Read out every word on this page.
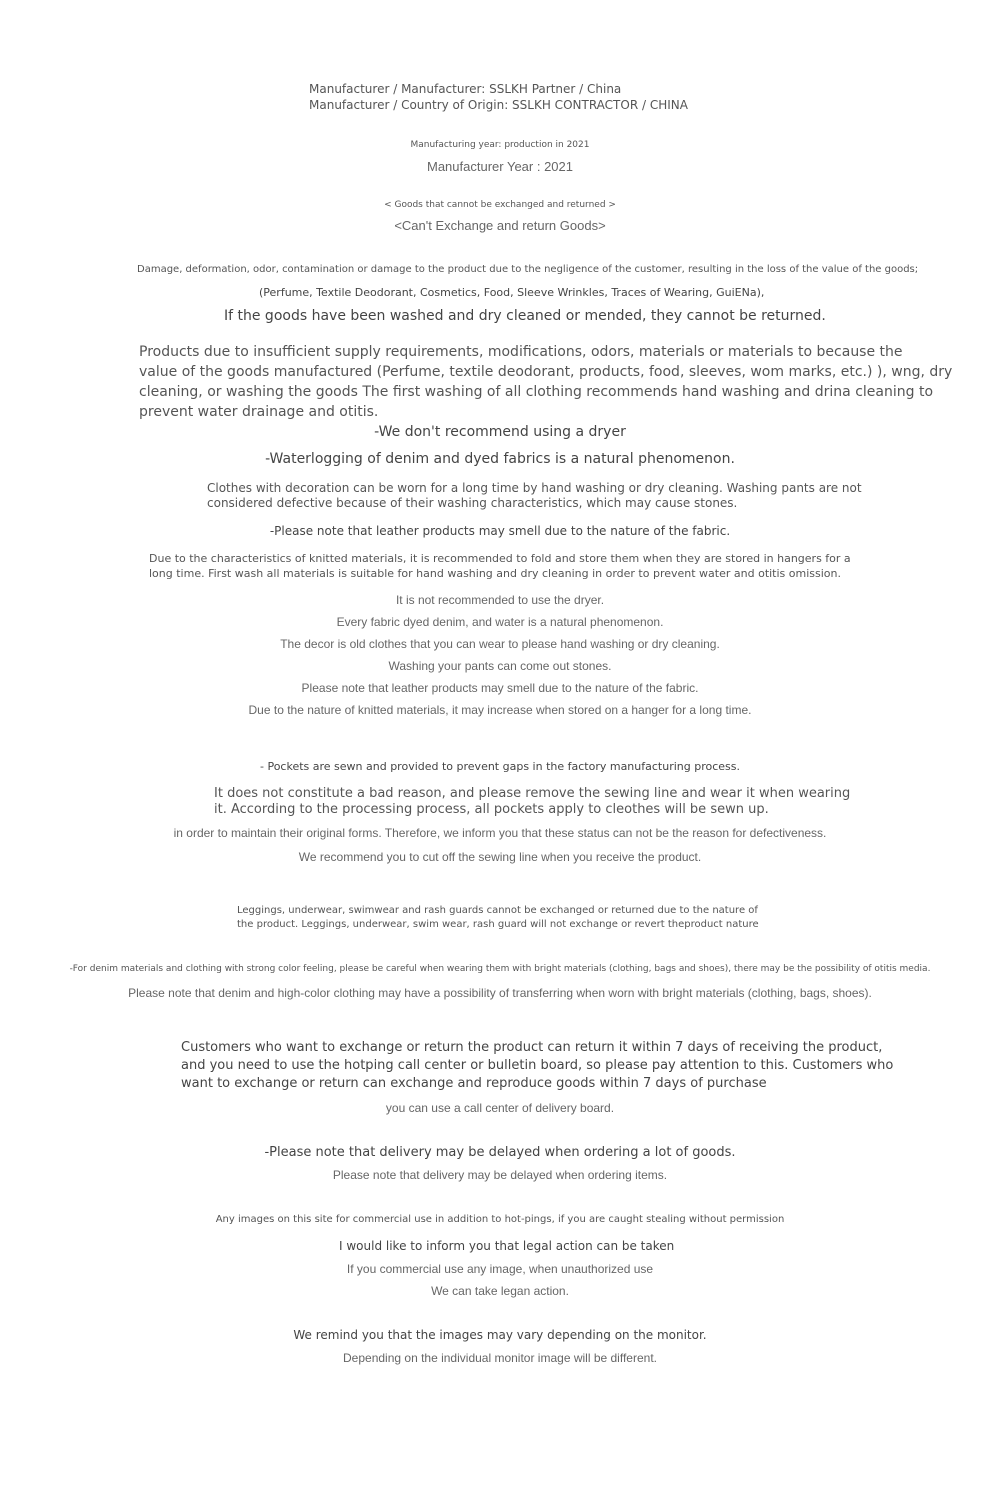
Manufacturer / Manufacturer: SSLKH Partner / China
Manufacturer / Country of Origin: SSLKH CONTRACTOR / CHINA
Manufacturing year: production in 2021
Manufacturer Year : 2021
< Goods that cannot be exchanged and returned >
<Can't Exchange and return Goods>
Damage, deformation, odor, contamination or damage to the product due to the negligence of the customer, resulting in the loss of the value of the goods;
(Perfume, Textile Deodorant, Cosmetics, Food, Sleeve Wrinkles, Traces of Wearing, GuiENa),
If the goods have been washed and dry cleaned or mended, they cannot be returned.
Products due to insufficient supply requirements, modifications, odors, materials or materials to because the
value of the goods manufactured (Perfume, textile deodorant, products, food, sleeves, wom marks, etc.) ), wng, dry
cleaning, or washing the goods The first washing of all clothing recommends hand washing and drina cleaning to
prevent water drainage and otitis.
-We don't recommend using a dryer
-Waterlogging of denim and dyed fabrics is a natural phenomenon.
Clothes with decoration can be worn for a long time by hand washing or dry cleaning. Washing pants are not
considered defective because of their washing characteristics, which may cause stones.
-Please note that leather products may smell due to the nature of the fabric.
Due to the characteristics of knitted materials, it is recommended to fold and store them when they are stored in hangers for a
long time. First wash all materials is suitable for hand washing and dry cleaning in order to prevent water and otitis omission.
It is not recommended to use the dryer.
Every fabric dyed denim, and water is a natural phenomenon.
The decor is old clothes that you can wear to please hand washing or dry cleaning.
Washing your pants can come out stones.
Please note that leather products may smell due to the nature of the fabric.
Due to the nature of knitted materials, it may increase when stored on a hanger for a long time.
- Pockets are sewn and provided to prevent gaps in the factory manufacturing process.
It does not constitute a bad reason, and please remove the sewing line and wear it when wearing
it. According to the processing process, all pockets apply to cleothes will be sewn up.
in order to maintain their original forms. Therefore, we inform you that these status can not be the reason for defectiveness.
We recommend you to cut off the sewing line when you receive the product.
Leggings, underwear, swimwear and rash guards cannot be exchanged or returned due to the nature of
the product. Leggings, underwear, swim wear, rash guard will not exchange or revert theproduct nature
-For denim materials and clothing with strong color feeling, please be careful when wearing them with bright materials (clothing, bags and shoes), there may be the possibility of otitis media.
Please note that denim and high-color clothing may have a possibility of transferring when worn with bright materials (clothing, bags, shoes).
Customers who want to exchange or return the product can return it within 7 days of receiving the product,
and you need to use the hotping call center or bulletin board, so please pay attention to this. Customers who
want to exchange or return can exchange and reproduce goods within 7 days of purchase
you can use a call center of delivery board.
-Please note that delivery may be delayed when ordering a lot of goods.
Please note that delivery may be delayed when ordering items.
Any images on this site for commercial use in addition to hot-pings, if you are caught stealing without permission
I would like to inform you that legal action can be taken
If you commercial use any image, when unauthorized use
We can take legan action.
We remind you that the images may vary depending on the monitor.
Depending on the individual monitor image will be different.
